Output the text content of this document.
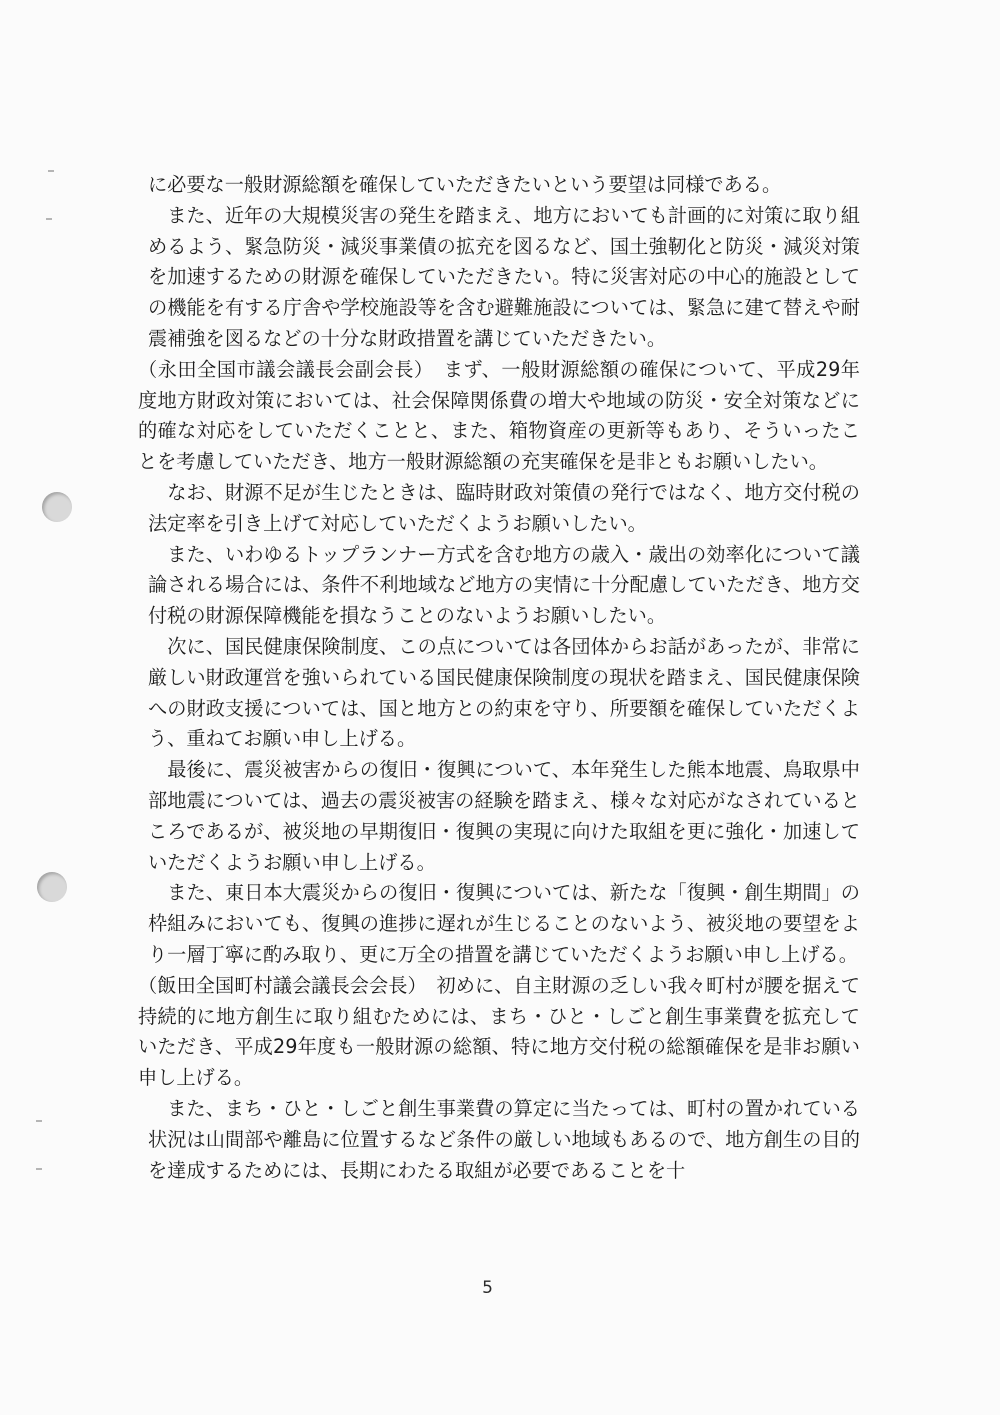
に必要な一般財源総額を確保していただきたいという要望は同様である。

また、近年の大規模災害の発生を踏まえ、地方においても計画的に対策に取り組めるよう、緊急防災・減災事業債の拡充を図るなど、国土強靭化と防災・減災対策を加速するための財源を確保していただきたい。特に災害対応の中心的施設としての機能を有する庁舎や学校施設等を含む避難施設については、緊急に建て替えや耐震補強を図るなどの十分な財政措置を講じていただきたい。

（永田全国市議会議長会副会長）　まず、一般財源総額の確保について、平成29年度地方財政対策においては、社会保障関係費の増大や地域の防災・安全対策などに的確な対応をしていただくことと、また、箱物資産の更新等もあり、そういったことを考慮していただき、地方一般財源総額の充実確保を是非ともお願いしたい。

なお、財源不足が生じたときは、臨時財政対策債の発行ではなく、地方交付税の法定率を引き上げて対応していただくようお願いしたい。

また、いわゆるトップランナー方式を含む地方の歳入・歳出の効率化について議論される場合には、条件不利地域など地方の実情に十分配慮していただき、地方交付税の財源保障機能を損なうことのないようお願いしたい。

次に、国民健康保険制度、この点については各団体からお話があったが、非常に厳しい財政運営を強いられている国民健康保険制度の現状を踏まえ、国民健康保険への財政支援については、国と地方との約束を守り、所要額を確保していただくよう、重ねてお願い申し上げる。

最後に、震災被害からの復旧・復興について、本年発生した熊本地震、鳥取県中部地震については、過去の震災被害の経験を踏まえ、様々な対応がなされているところであるが、被災地の早期復旧・復興の実現に向けた取組を更に強化・加速していただくようお願い申し上げる。

また、東日本大震災からの復旧・復興については、新たな「復興・創生期間」の枠組みにおいても、復興の進捗に遅れが生じることのないよう、被災地の要望をより一層丁寧に酌み取り、更に万全の措置を講じていただくようお願い申し上げる。

（飯田全国町村議会議長会会長）　初めに、自主財源の乏しい我々町村が腰を据えて持続的に地方創生に取り組むためには、まち・ひと・しごと創生事業費を拡充していただき、平成29年度も一般財源の総額、特に地方交付税の総額確保を是非お願い申し上げる。

また、まち・ひと・しごと創生事業費の算定に当たっては、町村の置かれている状況は山間部や離島に位置するなど条件の厳しい地域もあるので、地方創生の目的を達成するためには、長期にわたる取組が必要であることを十

5
